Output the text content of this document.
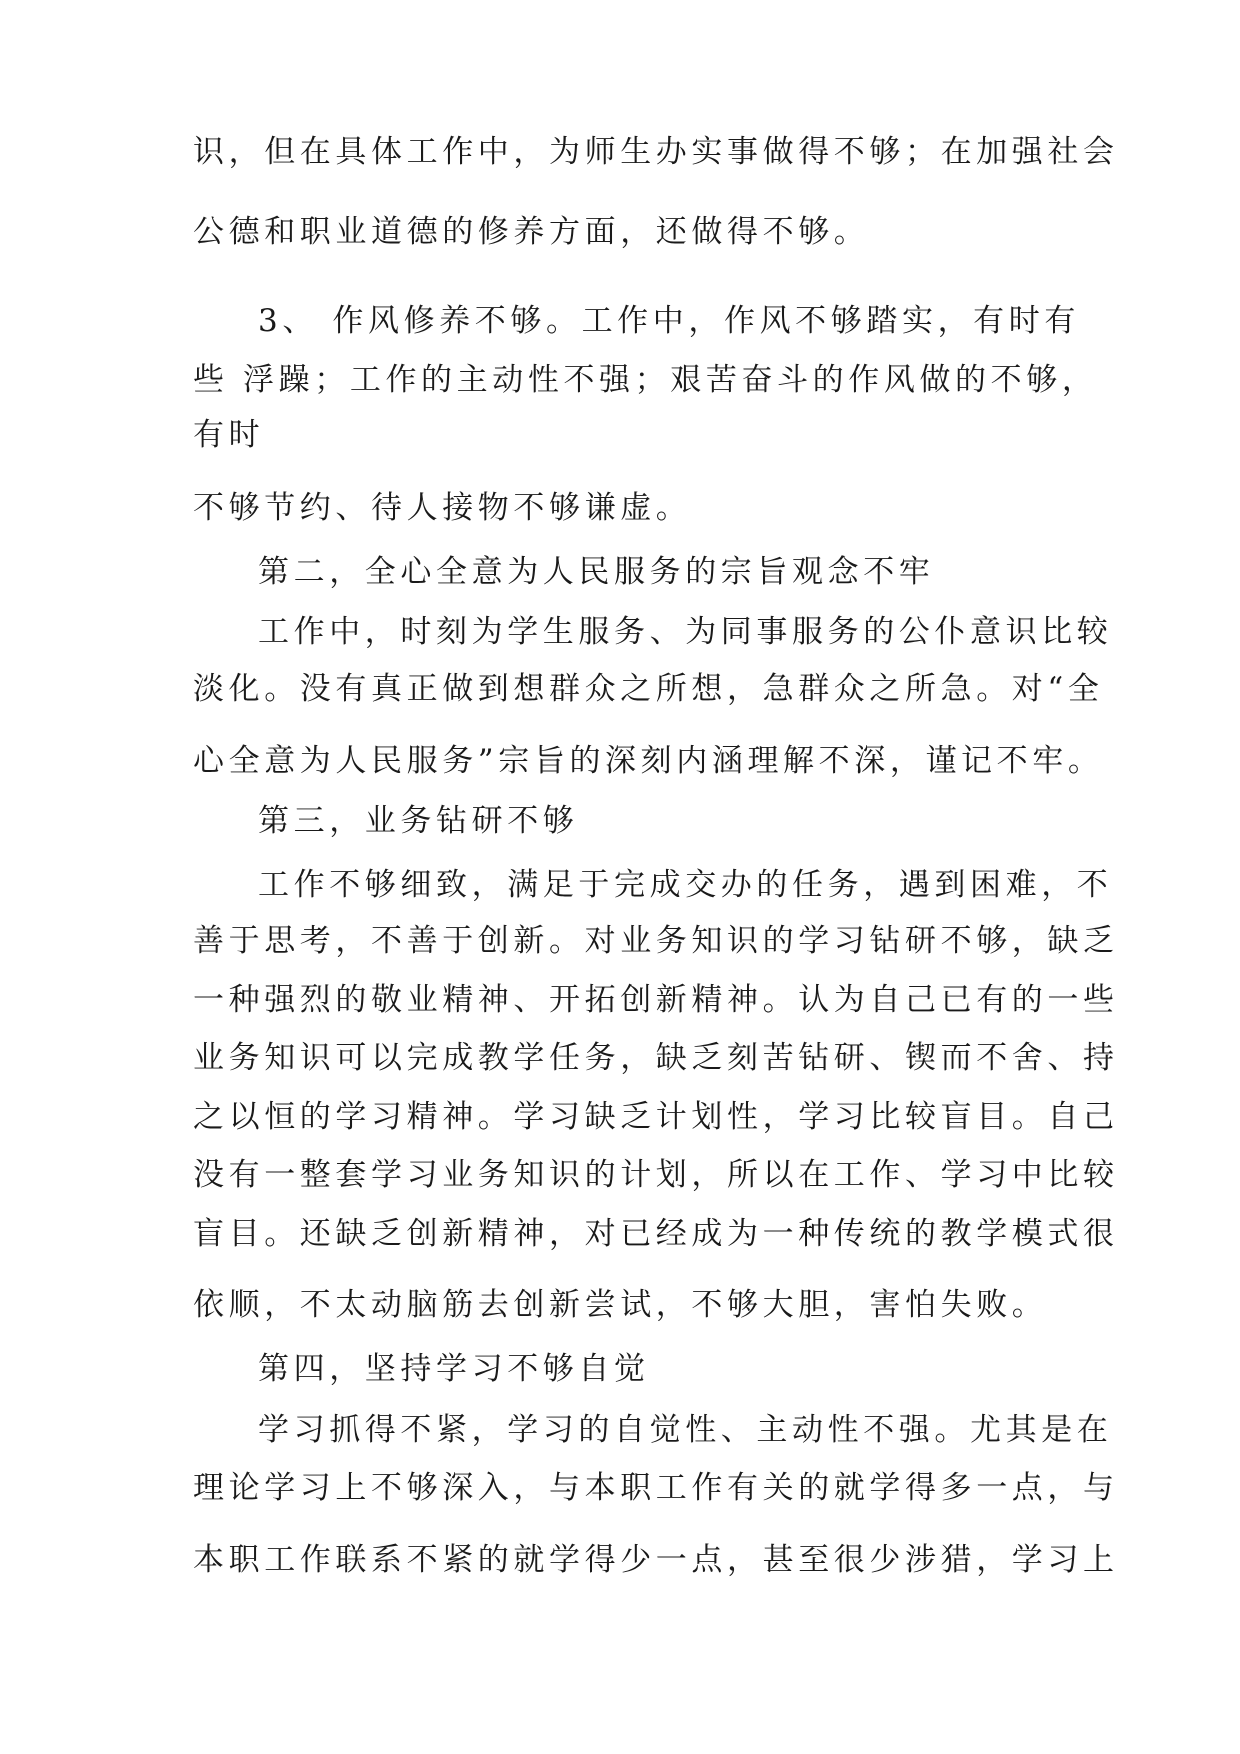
识，但在具体工作中，为师生办实事做得不够；在加强社会

公德和职业道德的修养方面，还做得不够。

3、 作风修养不够。工作中，作风不够踏实，有时有

些 浮躁；工作的主动性不强；艰苦奋斗的作风做的不够，

有时

不够节约、待人接物不够谦虚。

第二，全心全意为人民服务的宗旨观念不牢

工作中，时刻为学生服务、为同事服务的公仆意识比较

淡化。没有真正做到想群众之所想，急群众之所急。对“全

心全意为人民服务”宗旨的深刻内涵理解不深，谨记不牢。

第三，业务钻研不够

工作不够细致，满足于完成交办的任务，遇到困难，不

善于思考，不善于创新。对业务知识的学习钻研不够，缺乏

一种强烈的敬业精神、开拓创新精神。认为自己已有的一些

业务知识可以完成教学任务，缺乏刻苦钻研、锲而不舍、持

之以恒的学习精神。学习缺乏计划性，学习比较盲目。自己

没有一整套学习业务知识的计划，所以在工作、学习中比较

盲目。还缺乏创新精神，对已经成为一种传统的教学模式很

依顺，不太动脑筋去创新尝试，不够大胆，害怕失败。

第四，坚持学习不够自觉

学习抓得不紧，学习的自觉性、主动性不强。尤其是在

理论学习上不够深入，与本职工作有关的就学得多一点，与

本职工作联系不紧的就学得少一点，甚至很少涉猎，学习上
